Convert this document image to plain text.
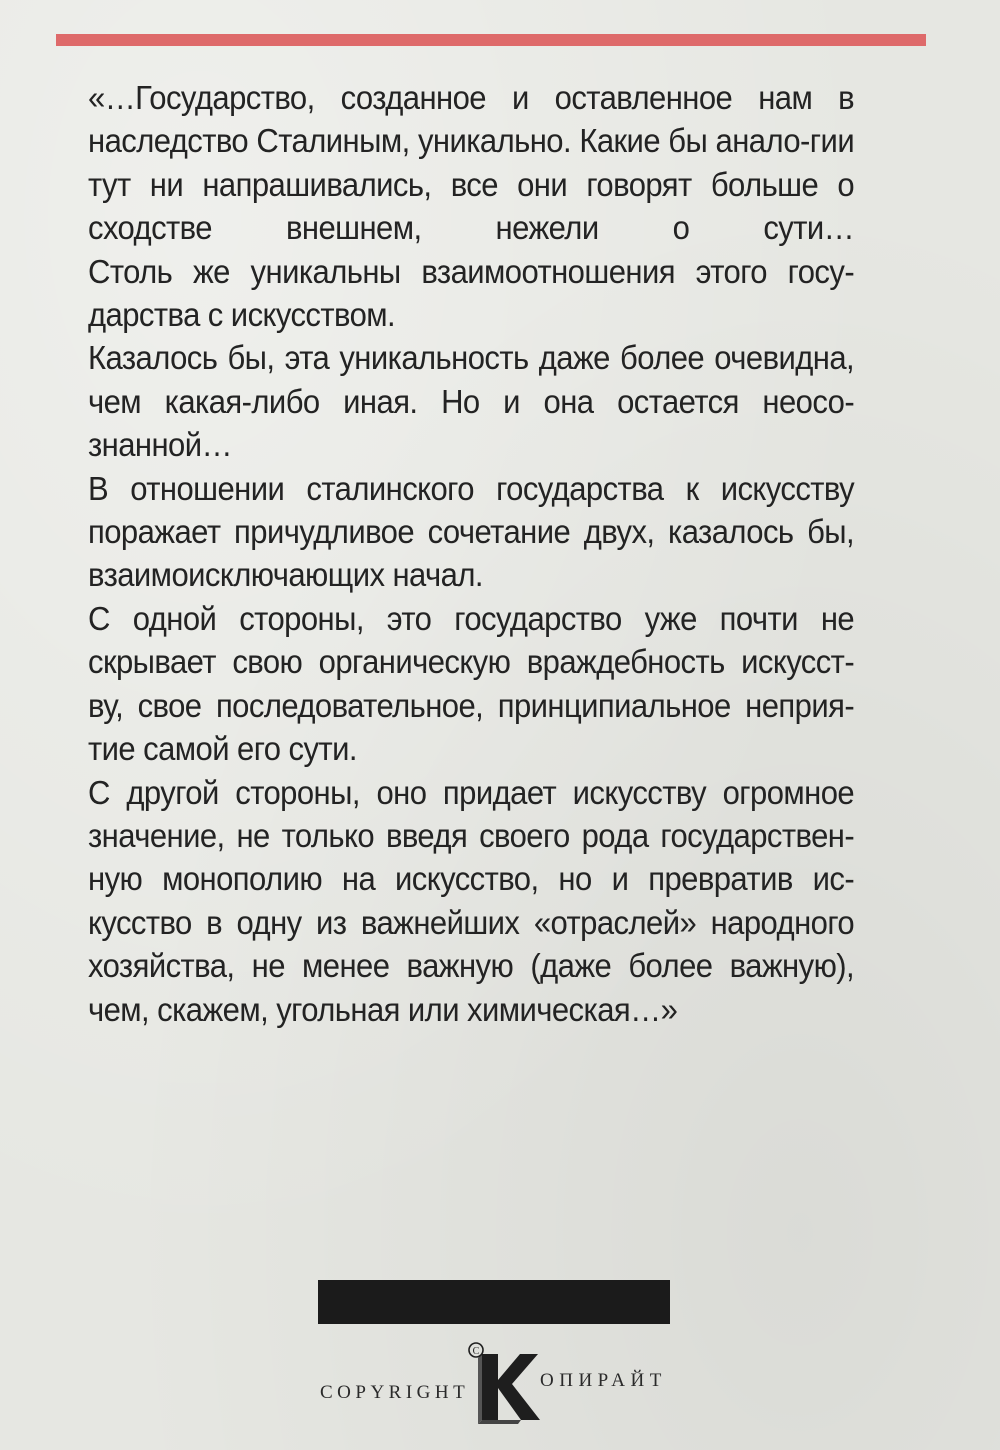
«…Государство, созданное и оставленное нам в наследство Сталиным, уникально. Какие бы анало-гии тут ни напрашивались, все они говорят больше о сходстве внешнем, нежели о сути…

Столь же уникальны взаимоотношения этого госу-дарства с искусством.

Казалось бы, эта уникальность даже более очевидна, чем какая-либо иная. Но и она остается неосо-знанной…

В отношении сталинского государства к искусству поражает причудливое сочетание двух, казалось бы, взаимоисключающих начал.

С одной стороны, это государство уже почти не скрывает свою органическую враждебность искусст-ву, свое последовательное, принципиальное неприя-тие самой его сути.

С другой стороны, оно придает искусству огромное значение, не только введя своего рода государствен-ную монополию на искусство, но и превратив ис-кусство в одну из важнейших «отраслей» народного хозяйства, не менее важную (даже более важную), чем, скажем, угольная или химическая…»

COPYRIGHT
C
ОПИРАЙТ
